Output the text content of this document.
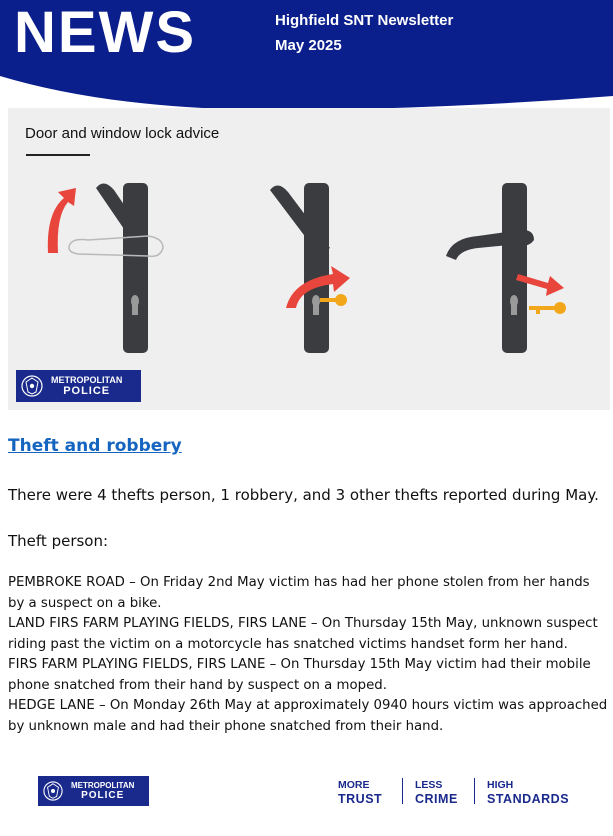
NEWS	Highfield SNT Newsletter
May 2025
Door and window lock advice
METROPOLITAN
POLICE
Theft and robbery
There were 4 thefts person, 1 robbery, and 3 other thefts reported during May.
Theft person:

PEMBROKE ROAD – On Friday 2nd May victim has had her phone stolen from her hands by a suspect on a bike.

LAND FIRS FARM PLAYING FIELDS, FIRS LANE – On Thursday 15th May, unknown suspect riding past the victim on a motorcycle has snatched victims handset form her hand.

FIRS FARM PLAYING FIELDS, FIRS LANE – On Thursday 15th May victim had their mobile phone snatched from their hand by suspect on a moped.

HEDGE LANE – On Monday 26th May at approximately 0940 hours victim was approached by unknown male and had their phone snatched from their hand.

METROPOLITAN
POLICE
MORE
TRUST
LESS
CRIME
HIGH
STANDARDS
